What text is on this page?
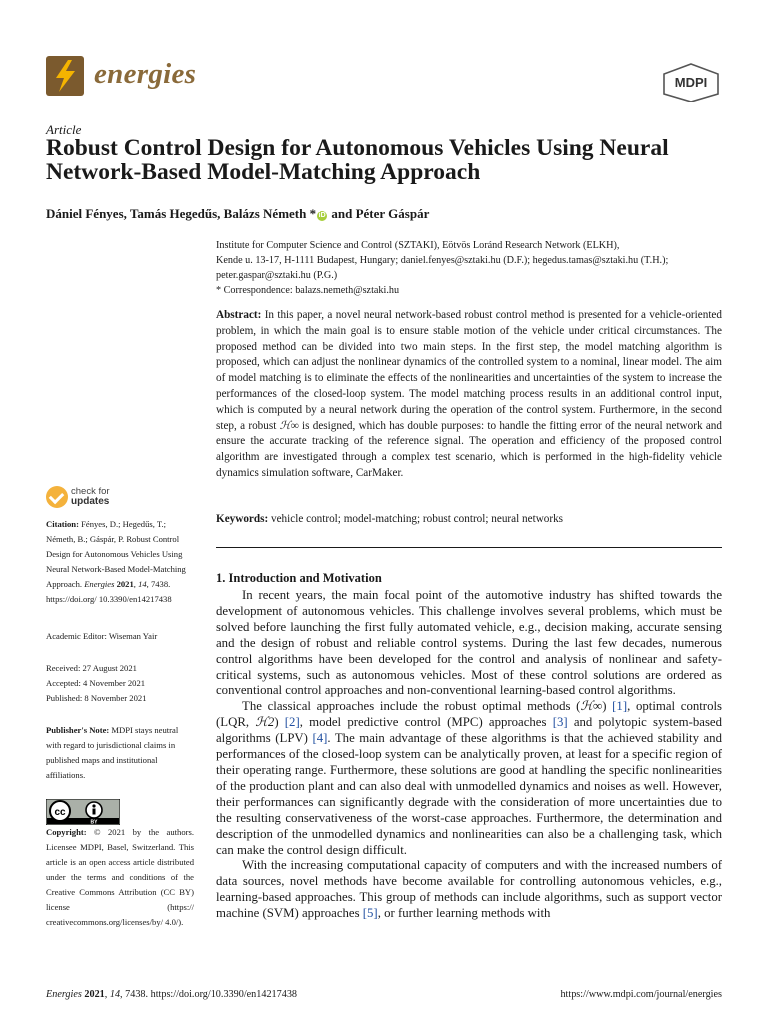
energies	MDPI
Article
Robust Control Design for Autonomous Vehicles Using Neural Network-Based Model-Matching Approach
Dániel Fényes, Tamás Hegedűs, Balázs Németh * iD and Péter Gáspár

Institute for Computer Science and Control (SZTAKI), Eötvös Loránd Research Network (ELKH),

Kende u. 13-17, H-1111 Budapest, Hungary; daniel.fenyes@sztaki.hu (D.F.); hegedus.tamas@sztaki.hu (T.H.);

peter.gaspar@sztaki.hu (P.G.)

* Correspondence: balazs.nemeth@sztaki.hu

Abstract: In this paper, a novel neural network-based robust control method is presented for a vehicle-oriented problem, in which the main goal is to ensure stable motion of the vehicle under critical circumstances. The proposed method can be divided into two main steps. In the first step, the model matching algorithm is proposed, which can adjust the nonlinear dynamics of the controlled system to a nominal, linear model. The aim of model matching is to eliminate the effects of the nonlinearities and uncertainties of the system to increase the performances of the closed-loop system. The model matching process results in an additional control input, which is computed by a neural network during the operation of the control system. Furthermore, in the second step, a robust ℋ∞ is designed, which has double purposes: to handle the fitting error of the neural network and ensure the accurate tracking of the reference signal. The operation and efficiency of the proposed control algorithm are investigated through a complex test scenario, which is performed in the high-fidelity vehicle dynamics simulation software, CarMaker.
Keywords: vehicle control; model-matching; robust control; neural networks
check for
updates

Citation: Fényes, D.; Hegedűs, T.; Németh, B.; Gáspár, P. Robust Control Design for Autonomous Vehicles Using Neural Network-Based Model-Matching Approach. Energies 2021, 14, 7438. https://doi.org/ 10.3390/en14217438

Academic Editor: Wiseman Yair

Received: 27 August 2021

Accepted: 4 November 2021

Published: 8 November 2021

Publisher's Note: MDPI stays neutral with regard to jurisdictional claims in published maps and institutional affiliations.

Copyright: © 2021 by the authors. Licensee MDPI, Basel, Switzerland. This article is an open access article distributed under the terms and conditions of the Creative Commons Attribution (CC BY) license (https:// creativecommons.org/licenses/by/ 4.0/).

cc
BY
1. Introduction and Motivation

In recent years, the main focal point of the automotive industry has shifted towards the development of autonomous vehicles. This challenge involves several problems, which must be solved before launching the first fully automated vehicle, e.g., decision making, accurate sensing and the design of robust and reliable control systems. During the last few decades, numerous control algorithms have been developed for the control and analysis of nonlinear and safety-critical systems, such as autonomous vehicles. Most of these control solutions are ordered as conventional control approaches and non-conventional learning-based control algorithms.

The classical approaches include the robust optimal methods (ℋ∞) [1], optimal controls (LQR, ℋ2) [2], model predictive control (MPC) approaches [3] and polytopic system-based algorithms (LPV) [4]. The main advantage of these algorithms is that the achieved stability and performances of the closed-loop system can be analytically proven, at least for a specific region of their operating range. Furthermore, these solutions are good at handling the specific nonlinearities of the production plant and can also deal with unmodelled dynamics and noises as well. However, their performances can significantly degrade with the consideration of more uncertainties due to the resulting conservativeness of the worst-case approaches. Furthermore, the determination and description of the unmodelled dynamics and nonlinearities can also be a challenging task, which can make the control design difficult.

With the increasing computational capacity of computers and with the increased numbers of data sources, novel methods have become available for controlling autonomous vehicles, e.g., learning-based approaches. This group of methods can include algorithms, such as support vector machine (SVM) approaches [5], or further learning methods with

Energies 2021, 14, 7438. https://doi.org/10.3390/en14217438	https://www.mdpi.com/journal/energies
